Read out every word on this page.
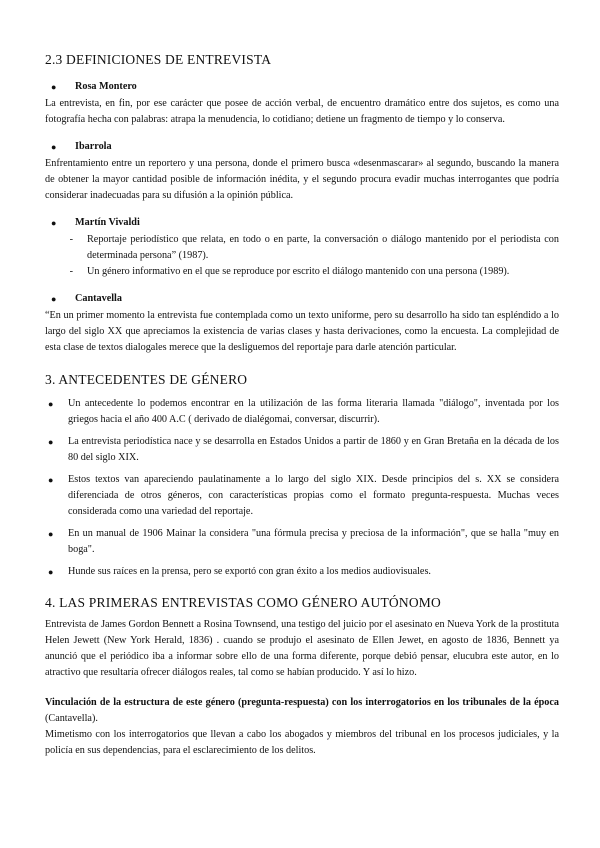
2.3 DEFINICIONES DE ENTREVISTA
●	Rosa Montero

La entrevista, en fin, por ese carácter que posee de acción verbal, de encuentro dramático entre dos sujetos, es como una fotografía hecha con palabras: atrapa la menudencia, lo cotidiano; detiene un fragmento de tiempo y lo conserva.

●	Ibarrola

Enfrentamiento entre un reportero y una persona, donde el primero busca «desenmascarar» al segundo, buscando la manera de obtener la mayor cantidad posible de información inédita, y el segundo procura evadir muchas interrogantes que podría considerar inadecuadas para su difusión a la opinión pública.

●	Martín Vivaldi
-	Reportaje periodístico que relata, en todo o en parte, la conversación o diálogo mantenido por el periodista con determinada persona” (1987).
-	Un género informativo en el que se reproduce por escrito el diálogo mantenido con una persona (1989).
●	Cantavella

“En un primer momento la entrevista fue contemplada como un texto uniforme, pero su desarrollo ha sido tan espléndido a lo largo del siglo XX que apreciamos la existencia de varias clases y hasta derivaciones, como la encuesta. La complejidad de esta clase de textos dialogales merece que la desliguemos del reportaje para darle atención particular.

3. ANTECEDENTES DE GÉNERO
●	Un antecedente lo podemos encontrar en la utilización de las forma literaria llamada "diálogo", inventada por los griegos hacia el año 400 A.C ( derivado de dialégomai, conversar, discurrir).
●	La entrevista periodística nace y se desarrolla en Estados Unidos a partir de 1860 y en Gran Bretaña en la década de los 80 del siglo XIX.
●	Estos textos van apareciendo paulatinamente a lo largo del siglo XIX. Desde principios del s. XX se considera diferenciada de otros géneros, con características propias como el formato pregunta-respuesta. Muchas veces considerada como una variedad del reportaje.
●	En un manual de 1906 Mainar la considera "una fórmula precisa y preciosa de la información", que se halla "muy en boga".
●	Hunde sus raíces en la prensa, pero se exportó con gran éxito a los medios audiovisuales.
4. LAS PRIMERAS ENTREVISTAS COMO GÉNERO AUTÓNOMO

Entrevista de James Gordon Bennett a Rosina Townsend, una testigo del juicio por el asesinato en Nueva York de la prostituta Helen Jewett (New York Herald, 1836) . cuando se produjo el asesinato de Ellen Jewet, en agosto de 1836, Bennett ya anunció que el periódico iba a informar sobre ello de una forma diferente, porque debió pensar, elucubra este autor, en lo atractivo que resultaría ofrecer diálogos reales, tal como se habían producido. Y así lo hizo.

Vinculación de la estructura de este género (pregunta-respuesta) con los interrogatorios en los tribunales de la época (Cantavella).

Mimetismo con los interrogatorios que llevan a cabo los abogados y miembros del tribunal en los procesos judiciales, y la policía en sus dependencias, para el esclarecimiento de los delitos.
